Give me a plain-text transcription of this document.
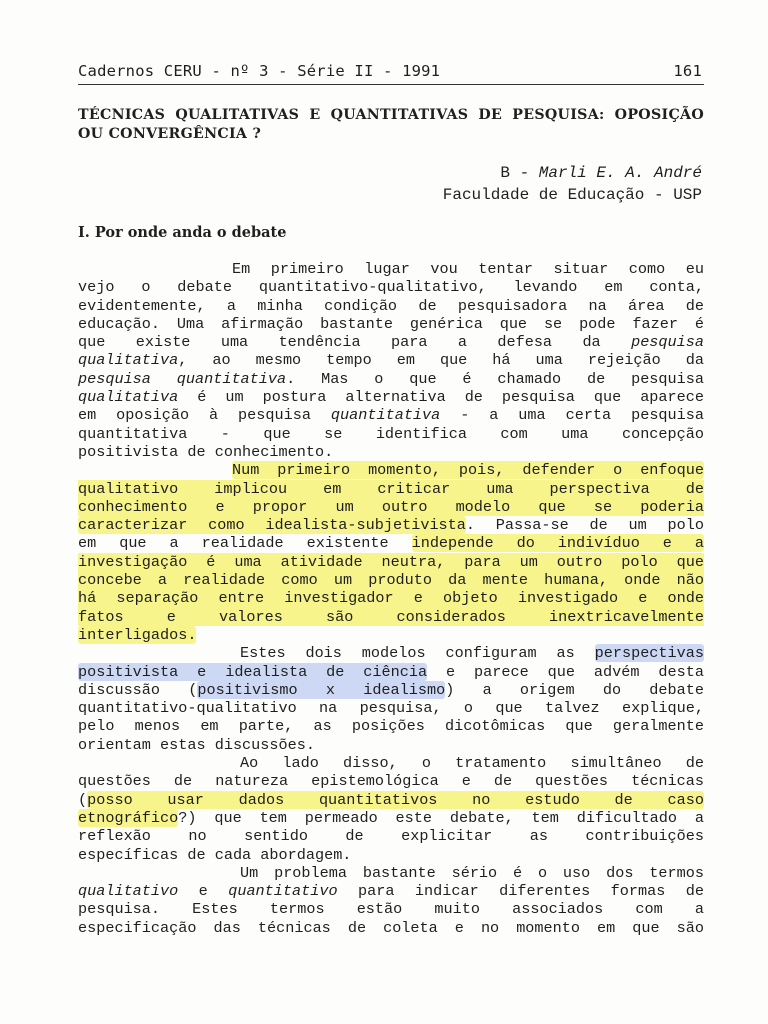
Cadernos CERU - nº 3 - Série II - 1991	161
TÉCNICAS QUALITATIVAS E QUANTITATIVAS DE PESQUISA: OPOSIÇÃO
OU CONVERGÊNCIA ?
B - Marli E. A. André
Faculdade de Educação - USP
I. Por onde anda o debate
Em primeiro lugar vou tentar situar como eu
vejo o debate quantitativo-qualitativo, levando em conta,
evidentemente, a minha condição de pesquisadora na área de
educação. Uma afirmação bastante genérica que se pode fazer é
que existe uma tendência para a defesa da pesquisa
qualitativa, ao mesmo tempo em que há uma rejeição da
pesquisa quantitativa. Mas o que é chamado de pesquisa
qualitativa é um postura alternativa de pesquisa que aparece
em oposição à pesquisa quantitativa - a uma certa pesquisa
quantitativa - que se identifica com uma concepção
positivista de conhecimento.
Num primeiro momento, pois, defender o enfoque
qualitativo implicou em criticar uma perspectiva de
conhecimento e propor um outro modelo que se poderia
caracterizar como idealista-subjetivista. Passa-se de um polo
em que a realidade existente independe do indivíduo e a
investigação é uma atividade neutra, para um outro polo que
concebe a realidade como um produto da mente humana, onde não
há separação entre investigador e objeto investigado e onde
fatos e valores são considerados inextricavelmente
interligados.
Estes dois modelos configuram as perspectivas
positivista e idealista de ciência e parece que advém desta
discussão (positivismo x idealismo) a origem do debate
quantitativo-qualitativo na pesquisa, o que talvez explique,
pelo menos em parte, as posições dicotômicas que geralmente
orientam estas discussões.
Ao lado disso, o tratamento simultâneo de
questões de natureza epistemológica e de questões técnicas
(posso usar dados quantitativos no estudo de caso
etnográfico?) que tem permeado este debate, tem dificultado a
reflexão no sentido de explicitar as contribuições
específicas de cada abordagem.
Um problema bastante sério é o uso dos termos
qualitativo e quantitativo para indicar diferentes formas de
pesquisa. Estes termos estão muito associados com a
especificação das técnicas de coleta e no momento em que são
